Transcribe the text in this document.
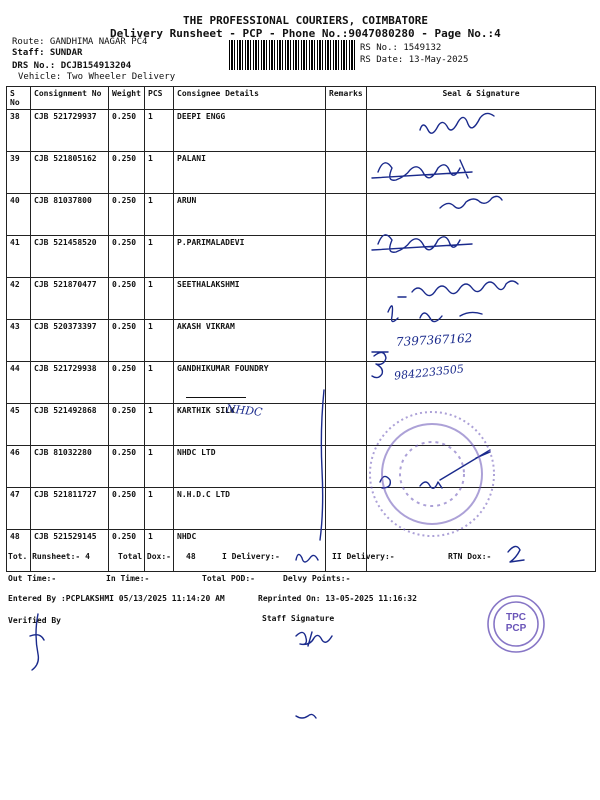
THE PROFESSIONAL COURIERS, COIMBATORE
Delivery Runsheet - PCP - Phone No.:9047080280 - Page No.:4
Route: GANDHIMA NAGAR PC4
Staff: SUNDAR
DRS No.: DCJB154913204
Vehicle: Two Wheeler Delivery
RS No.: 1549132
RS Date: 13-May-2025
S No	Consignment No	Weight	PCS	Consignee Details	Remarks	Seal & Signature
38	CJB 521729937	0.250	1	DEEPI ENGG		
39	CJB 521805162	0.250	1	PALANI		
40	CJB 81037800	0.250	1	ARUN		
41	CJB 521458520	0.250	1	P.PARIMALADEVI		
42	CJB 521870477	0.250	1	SEETHALAKSHMI		
43	CJB 520373397	0.250	1	AKASH VIKRAM		
44	CJB 521729938	0.250	1	GANDHIKUMAR FOUNDRY		
45	CJB 521492868	0.250	1	KARTHIK SILK		
46	CJB 81032280	0.250	1	NHDC LTD		
47	CJB 521811727	0.250	1	N.H.D.C LTD		
48	CJB 521529145	0.250	1	NHDC		
Tot. Runsheet:- 4	Total Dox:- 48	I Delivery:-	II Delivery:-	RTN Dox:-
Out Time:-	In Time:-	Total POD:-	Delvy Points:-
Entered By :PCPLAKSHMI 05/13/2025 11:14:20 AM	Reprinted On: 13-05-2025 11:16:32
Verified By	Staff Signature
7397367162
9842233505
NHDC
TPC PCP
